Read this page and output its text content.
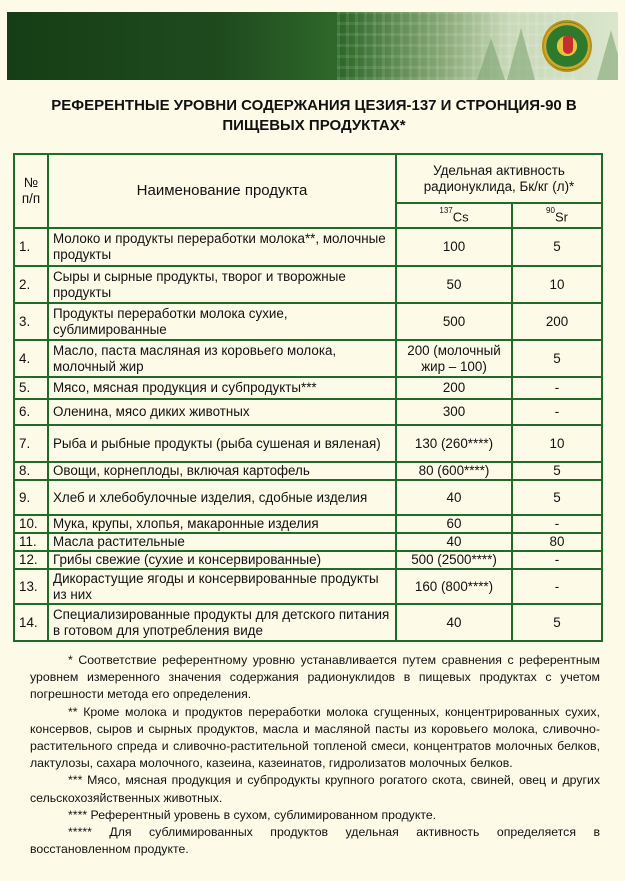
РЕФЕРЕНТНЫЕ УРОВНИ СОДЕРЖАНИЯ ЦЕЗИЯ-137 И СТРОНЦИЯ-90 В ПИЩЕВЫХ ПРОДУКТАХ*
№ п/п	Наименование продукта	Удельная активность радионуклида, Бк/кг (л)*	
		$^{137}$Cs	$^{90}$Sr
1.	Молоко и продукты переработки молока**, молочные продукты	100	5
2.	Сыры и сырные продукты, творог и творожные продукты	50	10
3.	Продукты переработки молока сухие, сублимированные	500	200
4.	Масло, паста масляная из коровьего молока, молочный жир	200 (молочный жир – 100)	5
5.	Мясо, мясная продукция и субпродукты***	200	-
6.	Оленина, мясо диких животных	300	-
7.	Рыба и рыбные продукты (рыба сушеная и вяленая)	130 (260****)	10
8.	Овощи, корнеплоды, включая картофель	80 (600****)	5
9.	Хлеб и хлебобулочные изделия, сдобные изделия	40	5
10.	Мука, крупы, хлопья, макаронные изделия	60	-
11.	Масла растительные	40	80
12.	Грибы свежие (сухие и консервированные)	500 (2500****)	-
13.	Дикорастущие ягоды и консервированные продукты из них	160 (800****)	-
14.	Специализированные продукты для детского питания в готовом для употребления виде	40	5

* Соответствие референтному уровню устанавливается путем сравнения с референтным уровнем измеренного значения содержания радионуклидов в пищевых продуктах с учетом погрешности метода его определения.

** Кроме молока и продуктов переработки молока сгущенных, концентрированных сухих, консервов, сыров и сырных продуктов, масла и масляной пасты из коровьего молока, сливочно-растительного спреда и сливочно-растительной топленой смеси, концентратов молочных белков, лактулозы, сахара молочного, казеина, казеинатов, гидролизатов молочных белков.

*** Мясо, мясная продукция и субпродукты крупного рогатого скота, свиней, овец и других сельскохозяйственных животных.

**** Референтный уровень в сухом, сублимированном продукте.

***** Для сублимированных продуктов удельная активность определяется в восстановленном продукте.
